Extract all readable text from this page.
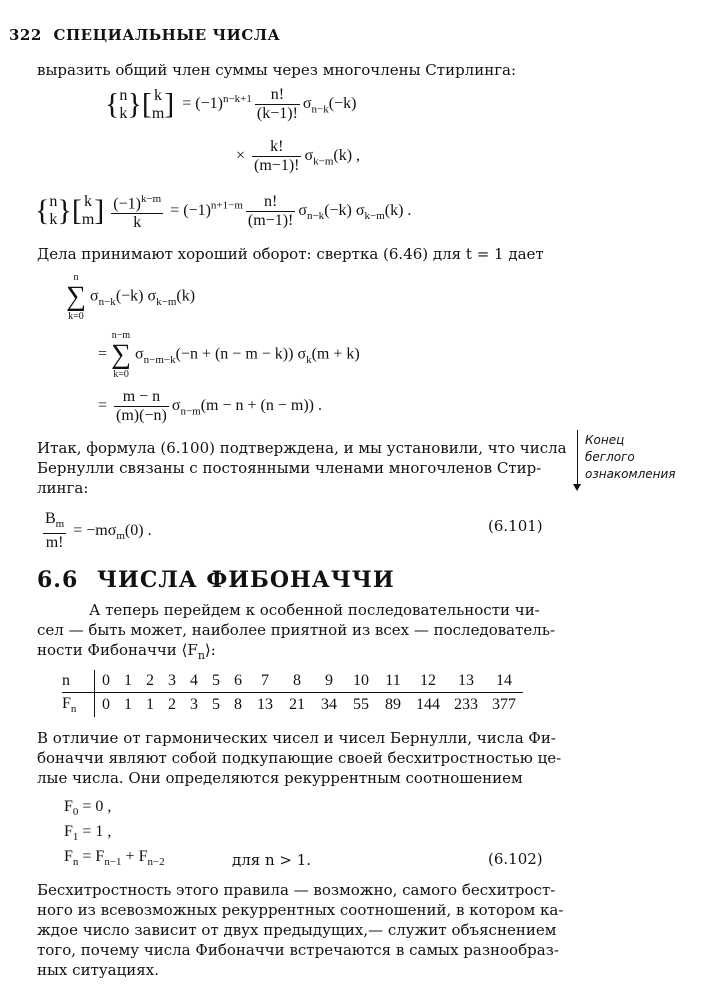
322 СПЕЦИАЛЬНЫЕ ЧИСЛА
выразить общий член суммы через многочлены Стирлинга:
{n
k}[ k
$m] = (-1)^{n-k+1} \frac{n!}{(k-1)!} \sigma_{n-k}(-k)$
× $\frac{k!}{(m-1)!} \sigma_{k-m}(k)$ ,
{n
k}[ k
$m] \frac{(-1)^{k-m}}{k} = (-1)^{n+1-m} \frac{n!}{(m-1)!} \sigma_{n-k}(-k)$ $\sigma_{k-m}(k)$ .
Дела принимают хороший оборот: свертка (6.46) для t = 1 дает
n
∑
k=0
$\sigma_{n-k}(-k)$ $\sigma_{k-m}(k)$
=
n−m
∑
k=0
$\sigma_{n-m-k}(-n + (n - m - k)) \sigma_k(m + k)$
= $\frac{m - n}{(m)(-n)} \sigma_{n-m}(m - n + (n - m))$ .
Итак, формула (6.100) подтверждена, и мы установили, что числа
Бернулли связаны с постоянными членами многочленов Стир-
линга:
Конец
беглого
ознакомления
$\frac{B_m}{m!} = -m\sigma_m(0)$ .	(6.101)
6.6 ЧИСЛА ФИБОНАЧЧИ
А теперь перейдем к особенной последовательности чи-
сел — быть может, наиболее приятной из всех — последователь-
ности Фибоначчи $⟨F_n⟩$:
n	0	1	2	3	4	5	6	7	8	9	10	11	12	13	14
$F_n$	0	1	1	2	3	5	8	13	21	34	55	89	144	233	377
В отличие от гармонических чисел и чисел Бернулли, числа Фи-
боначчи являют собой подкупающие своей бесхитростностью це-
лые числа. Они определяются рекуррентным соотношением
$F_0 = 0$ ,
$F_1 = 1$ ,
$F_n = F_{n-1} + F_{n-2}$	для n > 1.	(6.102)
Бесхитростность этого правила — возможно, самого бесхитрост-
ного из всевозможных рекуррентных соотношений, в котором ка-
ждое число зависит от двух предыдущих,— служит объяснением
того, почему числа Фибоначчи встречаются в самых разнообраз-
ных ситуациях.
